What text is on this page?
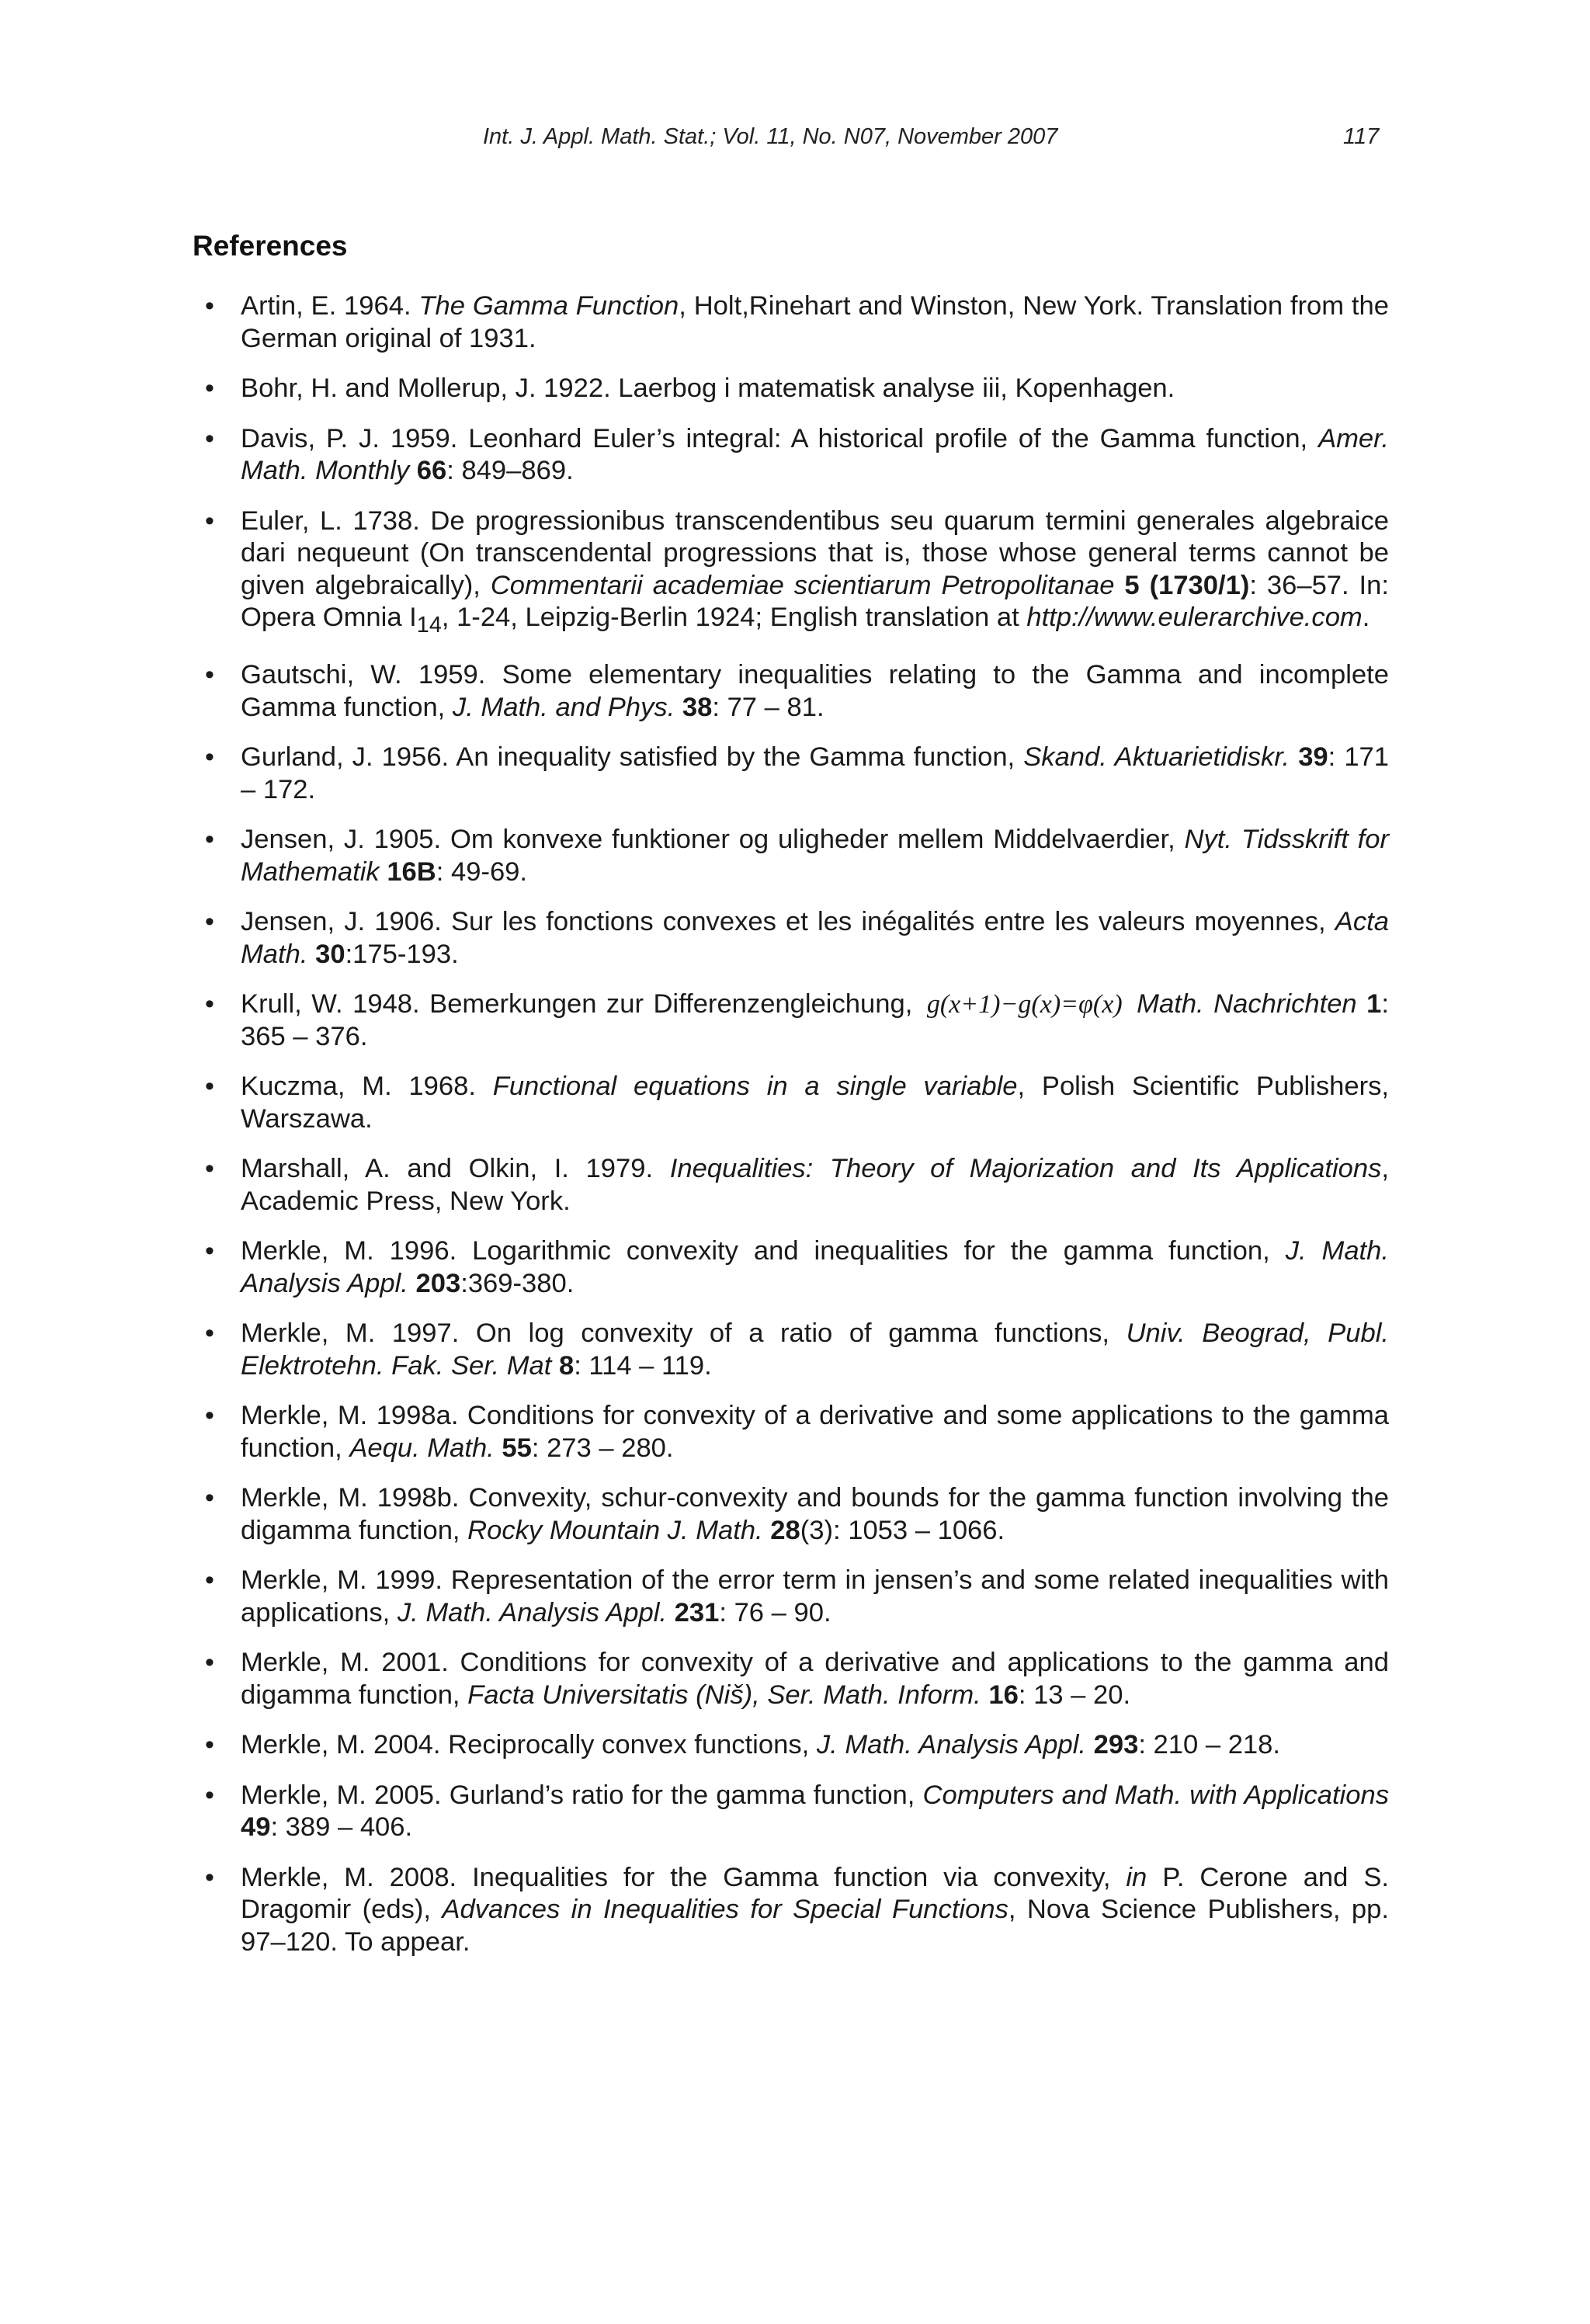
Int. J. Appl. Math. Stat.; Vol. 11, No. N07, November 2007	117
References
• Artin, E. 1964. The Gamma Function, Holt,Rinehart and Winston, New York. Translation from the German original of 1931.
• Bohr, H. and Mollerup, J. 1922. Laerbog i matematisk analyse iii, Kopenhagen.
• Davis, P. J. 1959. Leonhard Euler’s integral: A historical profile of the Gamma function, Amer. Math. Monthly 66: 849–869.
• Euler, L. 1738. De progressionibus transcendentibus seu quarum termini generales algebraice dari nequeunt (On transcendental progressions that is, those whose general terms cannot be given algebraically), Commentarii academiae scientiarum Petropolitanae 5 (1730/1): 36–57. In: Opera Omnia $I_{14}$, 1-24, Leipzig-Berlin 1924; English translation at http://www.eulerarchive.com.
• Gautschi, W. 1959. Some elementary inequalities relating to the Gamma and incomplete Gamma function, J. Math. and Phys. 38: 77 – 81.
• Gurland, J. 1956. An inequality satisfied by the Gamma function, Skand. Aktuarietidiskr. 39: 171 – 172.
• Jensen, J. 1905. Om konvexe funktioner og uligheder mellem Middelvaerdier, Nyt. Tidsskrift for Mathematik 16B: 49-69.
• Jensen, J. 1906. Sur les fonctions convexes et les inégalités entre les valeurs moyennes, Acta Math. 30:175-193.
• Krull, W. 1948. Bemerkungen zur Differenzengleichung, g(x+1)−g(x)=φ(x) Math. Nachrichten 1: 365 – 376.
• Kuczma, M. 1968. Functional equations in a single variable, Polish Scientific Publishers, Warszawa.
• Marshall, A. and Olkin, I. 1979. Inequalities: Theory of Majorization and Its Applications, Academic Press, New York.
• Merkle, M. 1996. Logarithmic convexity and inequalities for the gamma function, J. Math. Analysis Appl. 203:369-380.
• Merkle, M. 1997. On log convexity of a ratio of gamma functions, Univ. Beograd, Publ. Elektrotehn. Fak. Ser. Mat 8: 114 – 119.
• Merkle, M. 1998a. Conditions for convexity of a derivative and some applications to the gamma function, Aequ. Math. 55: 273 – 280.
• Merkle, M. 1998b. Convexity, schur-convexity and bounds for the gamma function involving the digamma function, Rocky Mountain J. Math. 28(3): 1053 – 1066.
• Merkle, M. 1999. Representation of the error term in jensen’s and some related inequalities with applications, J. Math. Analysis Appl. 231: 76 – 90.
• Merkle, M. 2001. Conditions for convexity of a derivative and applications to the gamma and digamma function, Facta Universitatis (Niš), Ser. Math. Inform. 16: 13 – 20.
• Merkle, M. 2004. Reciprocally convex functions, J. Math. Analysis Appl. 293: 210 – 218.
• Merkle, M. 2005. Gurland’s ratio for the gamma function, Computers and Math. with Applications 49: 389 – 406.
• Merkle, M. 2008. Inequalities for the Gamma function via convexity, in P. Cerone and S. Dragomir (eds), Advances in Inequalities for Special Functions, Nova Science Publishers, pp. 97–120. To appear.
